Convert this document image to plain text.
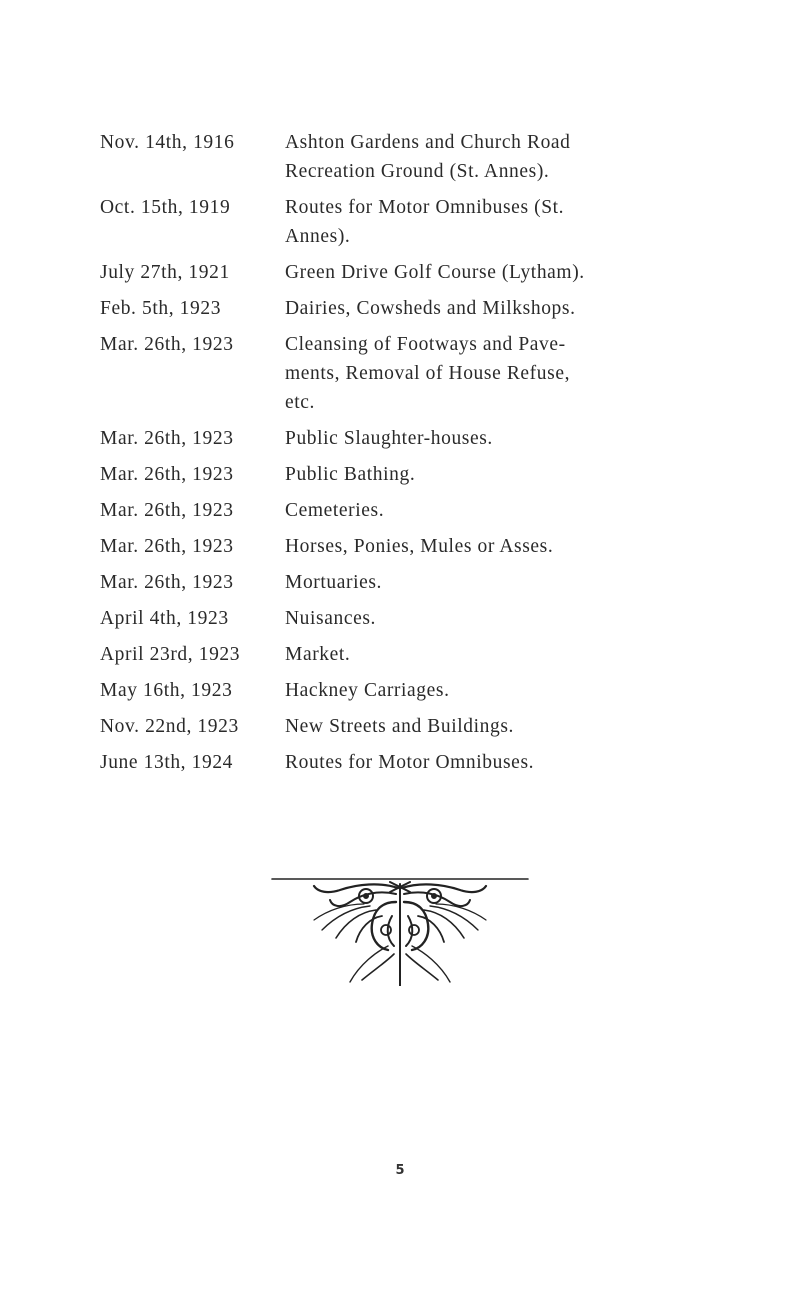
Nov. 14th, 1916	Ashton Gardens and Church Road
Recreation Ground (St. Annes).
Oct. 15th, 1919	Routes for Motor Omnibuses (St.
Annes).
July 27th, 1921	Green Drive Golf Course (Lytham).
Feb. 5th, 1923	Dairies, Cowsheds and Milkshops.
Mar. 26th, 1923	Cleansing of Footways and Pave-
ments, Removal of House Refuse,
etc.
Mar. 26th, 1923	Public Slaughter-houses.
Mar. 26th, 1923	Public Bathing.
Mar. 26th, 1923	Cemeteries.
Mar. 26th, 1923	Horses, Ponies, Mules or Asses.
Mar. 26th, 1923	Mortuaries.
April 4th, 1923	Nuisances.
April 23rd, 1923	Market.
May 16th, 1923	Hackney Carriages.
Nov. 22nd, 1923	New Streets and Buildings.
June 13th, 1924	Routes for Motor Omnibuses.
5
